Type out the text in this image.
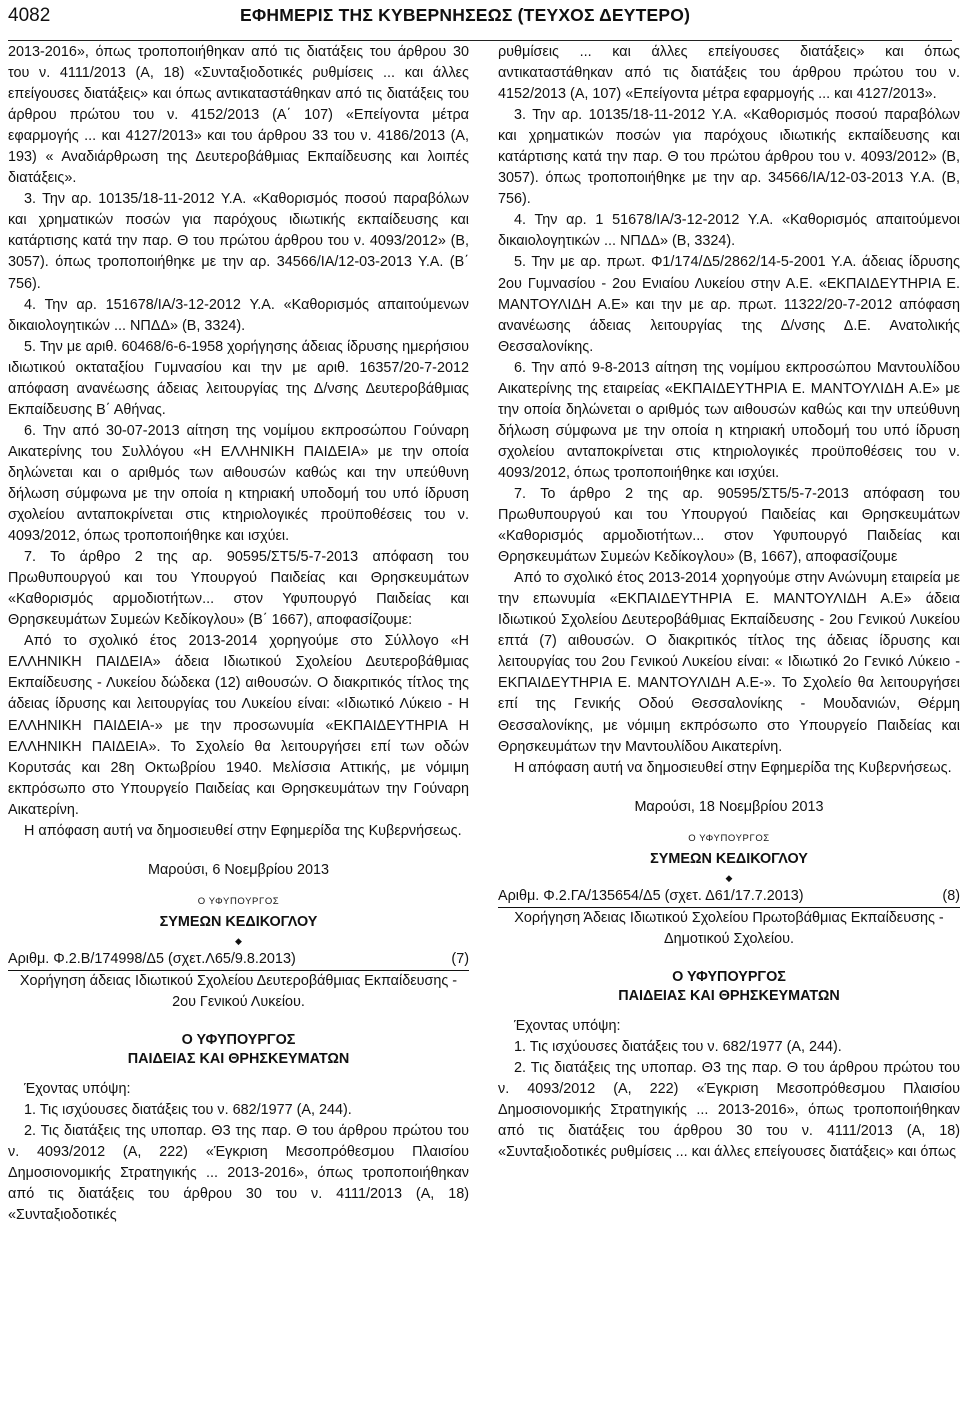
4082	ΕΦΗΜΕΡΙΣ ΤΗΣ ΚΥΒΕΡΝΗΣΕΩΣ (ΤΕΥΧΟΣ ΔΕΥΤΕΡΟ)

2013-2016», όπως τροποποιήθηκαν από τις διατάξεις του άρθρου 30 του ν. 4111/2013 (Α, 18) «Συνταξιοδοτικές ρυθμίσεις ... και άλλες επείγουσες διατάξεις» και όπως αντικαταστάθηκαν από τις διατάξεις του άρθρου πρώτου του ν. 4152/2013 (Α΄ 107) «Επείγοντα μέτρα εφαρμογής ... και 4127/2013» και του άρθρου 33 του ν. 4186/2013 (Α, 193) « Αναδιάρθρωση της Δευτεροβάθμιας Εκπαίδευσης και λοιπές διατάξεις».

3. Την αρ. 10135/18-11-2012 Υ.Α. «Καθορισμός ποσού παραβόλων και χρηματικών ποσών για παρόχους ιδιωτικής εκπαίδευσης και κατάρτισης κατά την παρ. Θ του πρώτου άρθρου του ν. 4093/2012» (Β, 3057). όπως τροποποιήθηκε με την αρ. 34566/ΙΑ/12-03-2013 Υ.Α. (Β΄ 756).

4. Την αρ. 151678/ΙΑ/3-12-2012 Υ.Α. «Καθορισμός απαιτούμενων δικαιολογητικών ... ΝΠΔΔ» (Β, 3324).

5. Την με αριθ. 60468/6-6-1958 χορήγησης άδειας ίδρυσης ημερήσιου ιδιωτικού οκταταξίου Γυμνασίου και την με αριθ. 16357/20-7-2012 απόφαση ανανέωσης άδειας λειτουργίας της Δ/νσης Δευτεροβάθμιας Εκπαίδευσης Β΄ Αθήνας.

6. Την από 30-07-2013 αίτηση της νομίμου εκπροσώπου Γούναρη Αικατερίνης του Συλλόγου «Η ΕΛΛΗΝΙΚΗ ΠΑΙΔΕΙΑ» με την οποία δηλώνεται και ο αριθμός των αιθουσών καθώς και την υπεύθυνη δήλωση σύμφωνα με την οποία η κτηριακή υποδομή του υπό ίδρυση σχολείου ανταποκρίνεται στις κτηριολογικές προϋποθέσεις του ν. 4093/2012, όπως τροποποιήθηκε και ισχύει.

7. Το άρθρο 2 της αρ. 90595/ΣΤ5/5-7-2013 απόφαση του Πρωθυπουργού και του Υπουργού Παιδείας και Θρησκευμάτων «Καθορισμός αρμοδιοτήτων... στον Υφυπουργό Παιδείας και Θρησκευμάτων Συμεών Κεδίκογλου» (Β΄ 1667), αποφασίζουμε:

Από το σχολικό έτος 2013-2014 χορηγούμε στο Σύλλογο «Η ΕΛΛΗΝΙΚΗ ΠΑΙΔΕΙΑ» άδεια Ιδιωτικού Σχολείου Δευτεροβάθμιας Εκπαίδευσης - Λυκείου δώδεκα (12) αιθουσών. Ο διακριτικός τίτλος της άδειας ίδρυσης και λειτουργίας του Λυκείου είναι: «Ιδιωτικό Λύκειο - Η ΕΛΛΗΝΙΚΗ ΠΑΙΔΕΙΑ-» με την προσωνυμία «ΕΚΠΑΙΔΕΥΤΗΡΙΑ Η ΕΛΛΗΝΙΚΗ ΠΑΙΔΕΙΑ». Το Σχολείο θα λειτουργήσει επί των οδών Κορυτσάς και 28η Οκτωβρίου 1940. Μελίσσια Αττικής, με νόμιμη εκπρόσωπο στο Υπουργείο Παιδείας και Θρησκευμάτων την Γούναρη Αικατερίνη.

Η απόφαση αυτή να δημοσιευθεί στην Εφημερίδα της Κυβερνήσεως.

Μαρούσι, 6 Νοεμβρίου 2013

Ο ΥΦΥΠΟΥΡΓΟΣ

ΣΥΜΕΩΝ ΚΕΔΙΚΟΓΛΟΥ

◆
Αριθμ. Φ.2.Β/174998/Δ5 (σχετ.Λ65/9.8.2013)	(7)

Χορήγηση άδειας Ιδιωτικού Σχολείου Δευτεροβάθμιας Εκπαίδευσης - 2ου Γενικού Λυκείου.

Ο ΥΦΥΠΟΥΡΓΟΣ

ΠΑΙΔΕΙΑΣ ΚΑΙ ΘΡΗΣΚΕΥΜΑΤΩΝ

Έχοντας υπόψη:

1. Τις ισχύουσες διατάξεις του ν. 682/1977 (Α, 244).

2. Τις διατάξεις της υποπαρ. Θ3 της παρ. Θ του άρθρου πρώτου του ν. 4093/2012 (Α, 222) «Έγκριση Μεσοπρόθεσμου Πλαισίου Δημοσιονομικής Στρατηγικής ... 2013-2016», όπως τροποποιήθηκαν από τις διατάξεις του άρθρου 30 του ν. 4111/2013 (Α, 18) «Συνταξιοδοτικές

ρυθμίσεις ... και άλλες επείγουσες διατάξεις» και όπως αντικαταστάθηκαν από τις διατάξεις του άρθρου πρώτου του ν. 4152/2013 (Α, 107) «Επείγοντα μέτρα εφαρμογής ... και 4127/2013».

3. Την αρ. 10135/18-11-2012 Υ.Α. «Καθορισμός ποσού παραβόλων και χρηματικών ποσών για παρόχους ιδιωτικής εκπαίδευσης και κατάρτισης κατά την παρ. Θ του πρώτου άρθρου του ν. 4093/2012» (Β, 3057). όπως τροποποιήθηκε με την αρ. 34566/ΙΑ/12-03-2013 Υ.Α. (Β, 756).

4. Την αρ. 1 51678/ΙΑ/3-12-2012 Υ.Α. «Καθορισμός απαιτούμενοι δικαιολογητικών ... ΝΠΔΔ» (Β, 3324).

5. Την με αρ. πρωτ. Φ1/174/Δ5/2862/14-5-2001 Υ.Α. άδειας ίδρυσης 2ου Γυμνασίου - 2ου Ενιαίου Λυκείου στην Α.Ε. «ΕΚΠΑΙΔΕΥΤΗΡΙΑ Ε. ΜΑΝΤΟΥΛΙΔΗ Α.Ε» και την με αρ. πρωτ. 11322/20-7-2012 απόφαση ανανέωσης άδειας λειτουργίας της Δ/νσης Δ.Ε. Ανατολικής Θεσσαλονίκης.

6. Την από 9-8-2013 αίτηση της νομίμου εκπροσώπου Μαντουλίδου Αικατερίνης της εταιρείας «ΕΚΠΑΙΔΕΥΤΗΡΙΑ Ε. ΜΑΝΤΟΥΛΙΔΗ Α.Ε» με την οποία δηλώνεται ο αριθμός των αιθουσών καθώς και την υπεύθυνη δήλωση σύμφωνα με την οποία η κτηριακή υποδομή του υπό ίδρυση σχολείου ανταποκρίνεται στις κτηριολογικές προϋποθέσεις του ν. 4093/2012, όπως τροποποιήθηκε και ισχύει.

7. Το άρθρο 2 της αρ. 90595/ΣΤ5/5-7-2013 απόφαση του Πρωθυπουργού και του Υπουργού Παιδείας και Θρησκευμάτων «Καθορισμός αρμοδιοτήτων... στον Υφυπουργό Παιδείας και Θρησκευμάτων Συμεών Κεδίκογλου» (Β, 1667), αποφασίζουμε

Από το σχολικό έτος 2013-2014 χορηγούμε στην Ανώνυμη εταιρεία με την επωνυμία «ΕΚΠΑΙΔΕΥΤΗΡΙΑ Ε. ΜΑΝΤΟΥΛΙΔΗ Α.Ε» άδεια Ιδιωτικού Σχολείου Δευτεροβάθμιας Εκπαίδευσης - 2ου Γενικού Λυκείου επτά (7) αιθουσών. Ο διακριτικός τίτλος της άδειας ίδρυσης και λειτουργίας του 2ου Γενικού Λυκείου είναι: « Ιδιωτικό 2ο Γενικό Λύκειο - ΕΚΠΑΙΔΕΥΤΗΡΙΑ Ε. ΜΑΝΤΟΥΛΙΔΗ Α.Ε-». Το Σχολείο θα λειτουργήσει επί της Γενικής Οδού Θεσσαλονίκης - Μουδανιών, Θέρμη Θεσσαλονίκης, με νόμιμη εκπρόσωπο στο Υπουργείο Παιδείας και Θρησκευμάτων την Μαντουλίδου Αικατερίνη.

Η απόφαση αυτή να δημοσιευθεί στην Εφημερίδα της Κυβερνήσεως.

Μαρούσι, 18 Νοεμβρίου 2013

Ο ΥΦΥΠΟΥΡΓΟΣ

ΣΥΜΕΩΝ ΚΕΔΙΚΟΓΛΟΥ

◆
Αριθμ. Φ.2.ΓΑ/135654/Δ5 (σχετ. Δ61/17.7.2013)	(8)

Χορήγηση Άδειας Ιδιωτικού Σχολείου Πρωτοβάθμιας Εκπαίδευσης - Δημοτικού Σχολείου.

Ο ΥΦΥΠΟΥΡΓΟΣ

ΠΑΙΔΕΙΑΣ ΚΑΙ ΘΡΗΣΚΕΥΜΑΤΩΝ

Έχοντας υπόψη:

1. Τις ισχύουσες διατάξεις του ν. 682/1977 (Α, 244).

2. Τις διατάξεις της υποπαρ. Θ3 της παρ. Θ του άρθρου πρώτου του ν. 4093/2012 (Α, 222) «Έγκριση Μεσοπρόθεσμου Πλαισίου Δημοσιονομικής Στρατηγικής ... 2013-2016», όπως τροποποιήθηκαν από τις διατάξεις του άρθρου 30 του ν. 4111/2013 (Α, 18) «Συνταξιοδοτικές ρυθμίσεις ... και άλλες επείγουσες διατάξεις» και όπως
